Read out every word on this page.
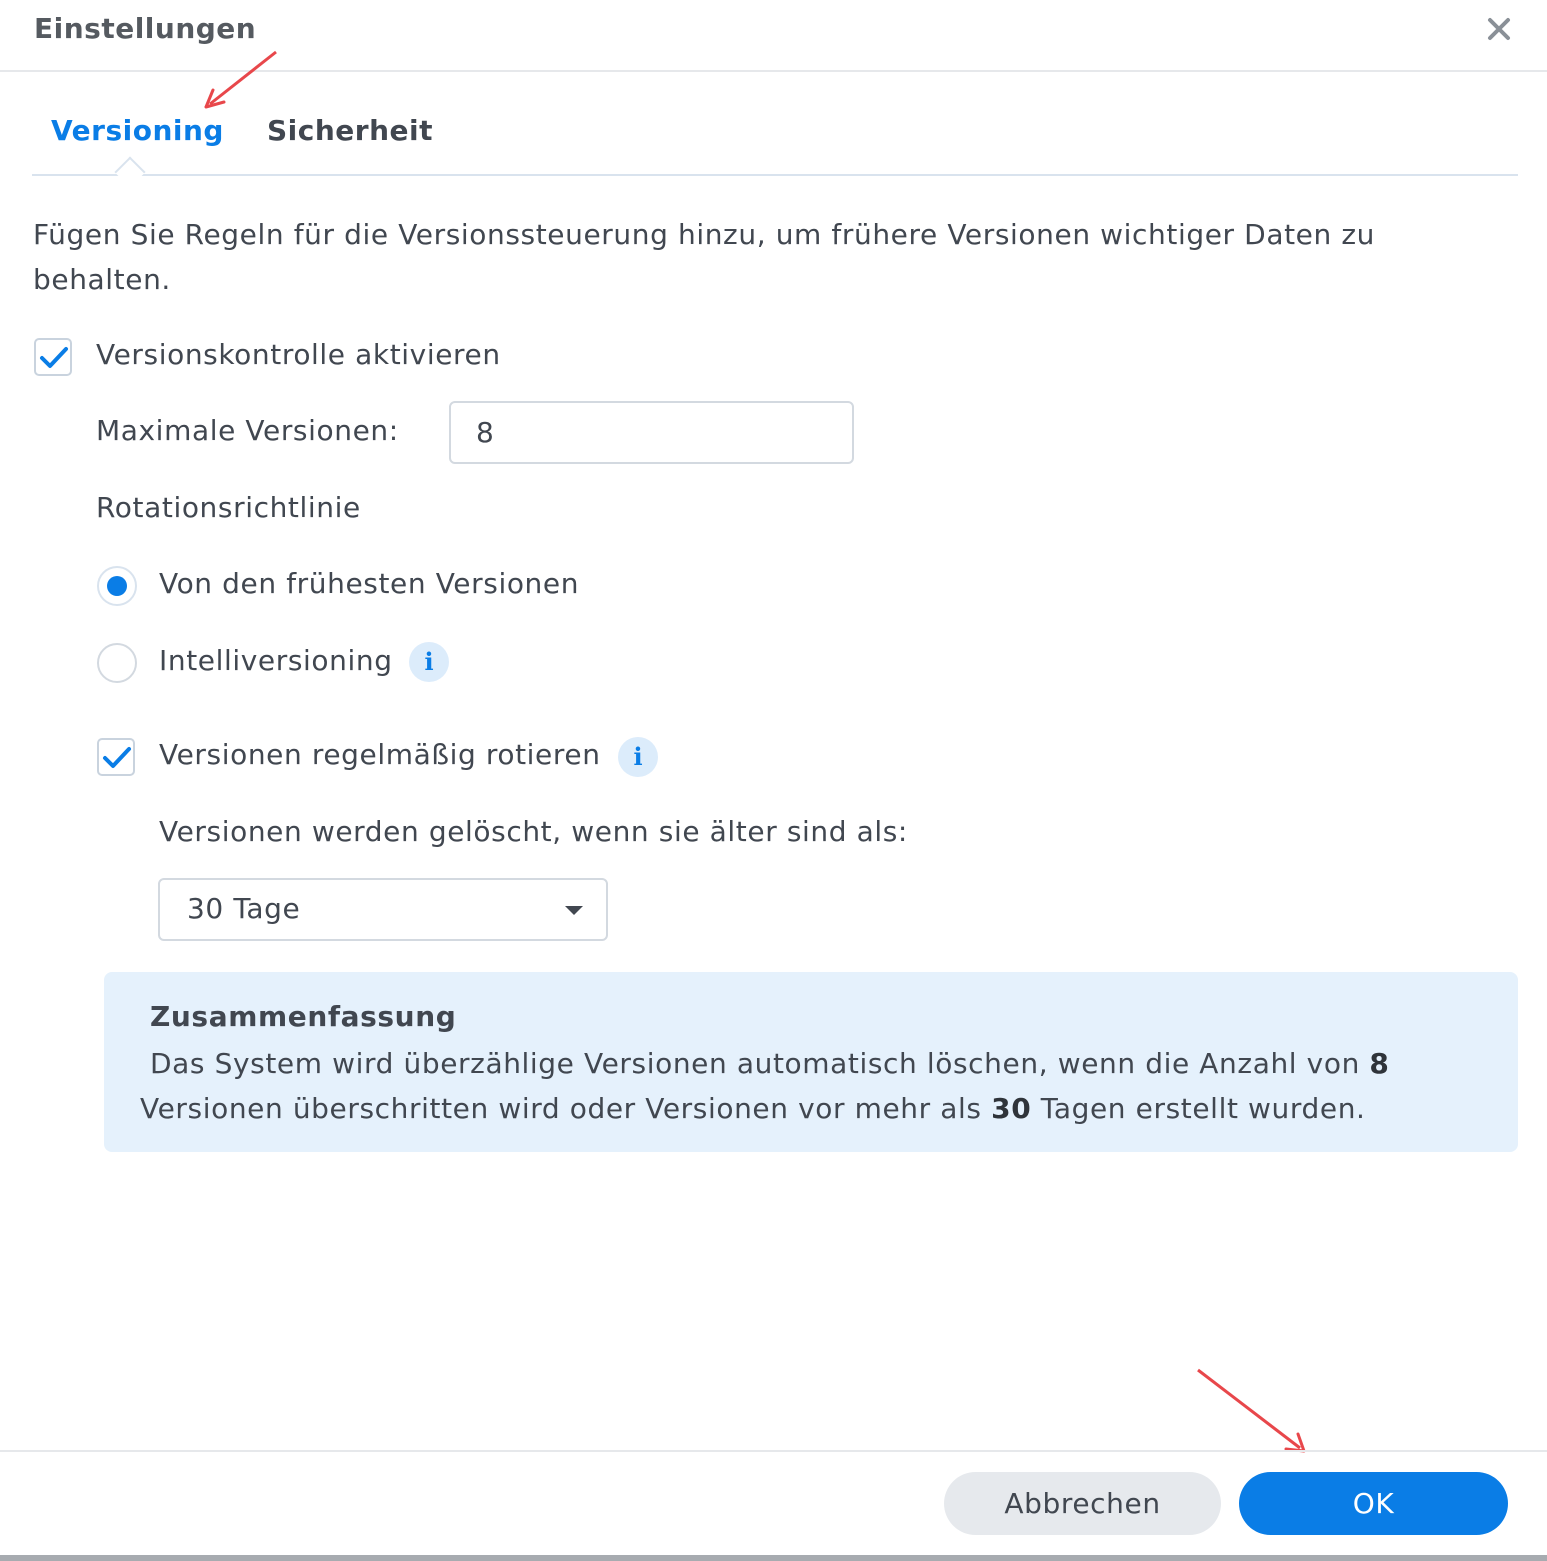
Einstellungen
Versioning Sicherheit
Fügen Sie Regeln für die Versionssteuerung hinzu, um frühere Versionen wichtiger Daten zu behalten.
Versionskontrolle aktivieren
Maximale Versionen:	8
Rotationsrichtlinie
Von den frühesten Versionen
Intelliversioning	i
Versionen regelmäßig rotieren	i
Versionen werden gelöscht, wenn sie älter sind als:
30 Tage
Zusammenfassung
Das System wird überzählige Versionen automatisch löschen, wenn die Anzahl von 8
Versionen überschritten wird oder Versionen vor mehr als 30 Tagen erstellt wurden.
Abbrechen	OK
